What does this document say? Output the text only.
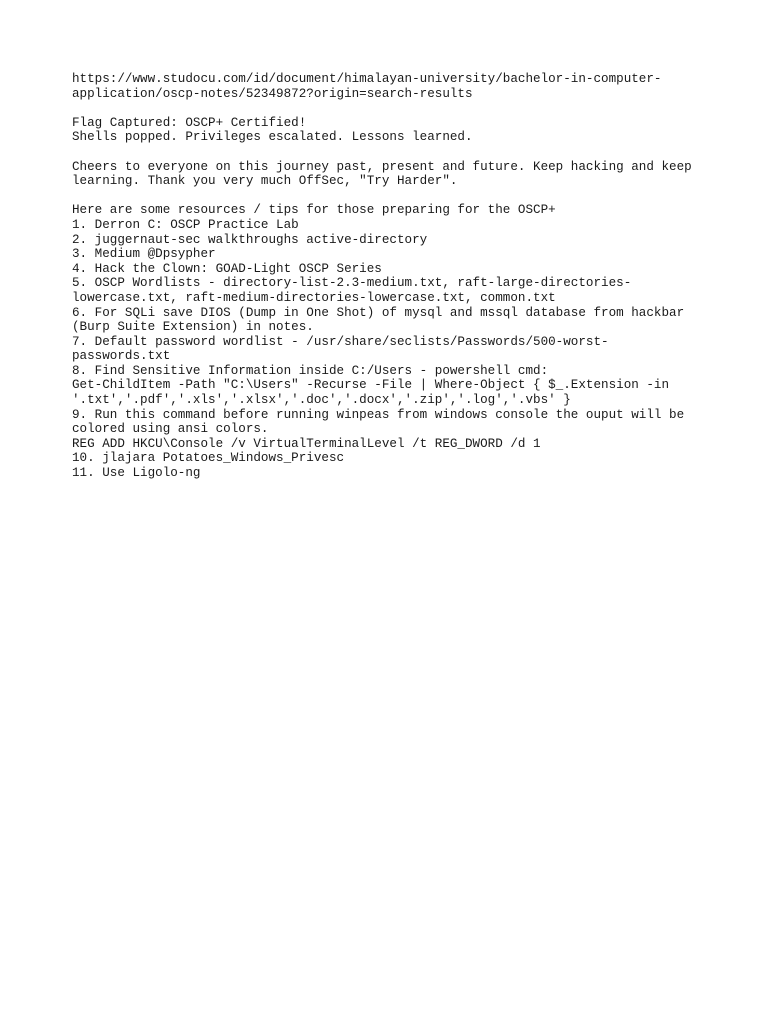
https://www.studocu.com/id/document/himalayan-university/bachelor-in-computer-
application/oscp-notes/52349872?origin=search-results
Flag Captured: OSCP+ Certified!
Shells popped. Privileges escalated. Lessons learned.
Cheers to everyone on this journey past, present and future. Keep hacking and keep
learning. Thank you very much OffSec, "Try Harder".
Here are some resources / tips for those preparing for the OSCP+
1. Derron C: OSCP Practice Lab
2. juggernaut-sec walkthroughs active-directory
3. Medium @Dpsypher
4. Hack the Clown: GOAD-Light OSCP Series
5. OSCP Wordlists - directory-list-2.3-medium.txt, raft-large-directories-
lowercase.txt, raft-medium-directories-lowercase.txt, common.txt
6. For SQLi save DIOS (Dump in One Shot) of mysql and mssql database from hackbar
(Burp Suite Extension) in notes.
7. Default password wordlist - /usr/share/seclists/Passwords/500-worst-
passwords.txt
8. Find Sensitive Information inside C:/Users - powershell cmd:
Get-ChildItem -Path "C:\Users" -Recurse -File | Where-Object { $_.Extension -in
'.txt','.pdf','.xls','.xlsx','.doc','.docx','.zip','.log','.vbs' }
9. Run this command before running winpeas from windows console the ouput will be
colored using ansi colors.
REG ADD HKCU\Console /v VirtualTerminalLevel /t REG_DWORD /d 1
10. jlajara Potatoes_Windows_Privesc
11. Use Ligolo-ng
